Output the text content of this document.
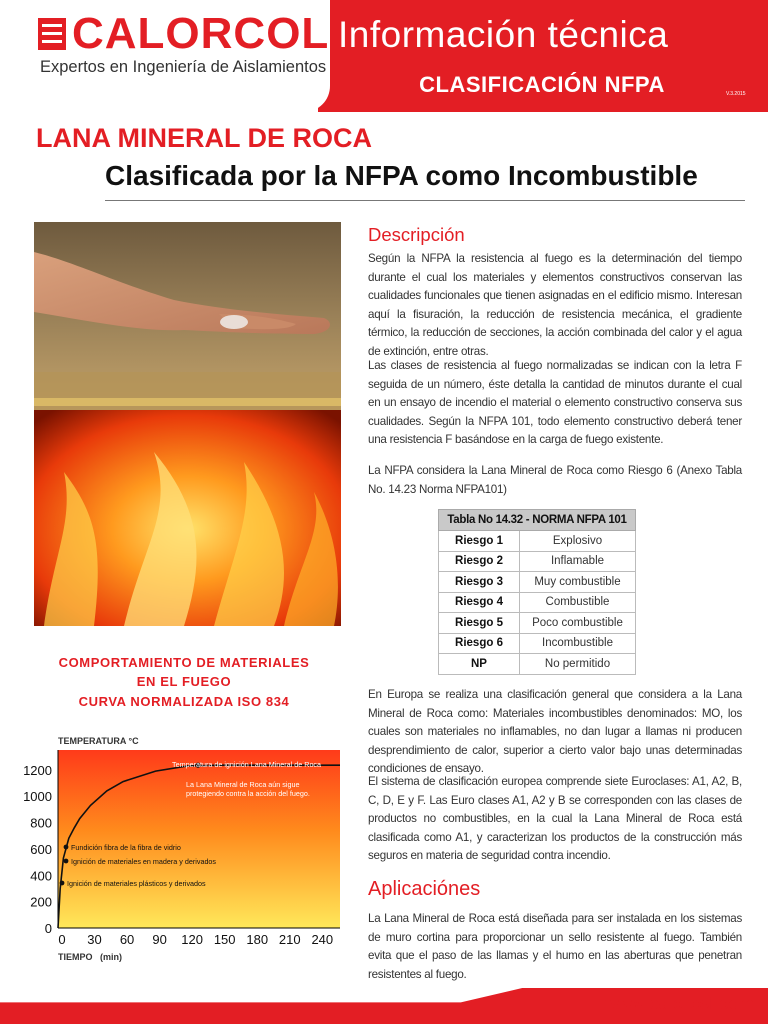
CALORCOL
Expertos en Ingeniería de Aislamientos
Información técnica
CLASIFICACIÓN NFPA	V.3.2015
LANA MINERAL DE ROCA
Clasificada por la NFPA como Incombustible
Descripción
Según la NFPA la resistencia al fuego es la determinación del tiempo durante el cual los materiales y elementos constructivos conservan las cualidades funcionales que tienen asignadas en el edificio mismo. Interesan aquí la fisuración, la reducción de resistencia mecánica, el gradiente térmico, la reducción de secciones, la acción combinada del calor y el agua de extinción, entre otras.
Las clases de resistencia al fuego normalizadas se indican con la letra F seguida de un número, éste detalla la cantidad de minutos durante el cual en un ensayo de incendio el material o elemento constructivo conserva sus cualidades. Según la NFPA 101, todo elemento constructivo deberá tener una resistencia F basándose en la carga de fuego existente.
La NFPA considera la Lana Mineral de Roca como Riesgo 6 (Anexo Tabla No. 14.23 Norma NFPA101)
Tabla No 14.32 - NORMA NFPA 101	
Riesgo 1	Explosivo
Riesgo 2	Inflamable
Riesgo 3	Muy combustible
Riesgo 4	Combustible
Riesgo 5	Poco combustible
Riesgo 6	Incombustible
NP	No permitido
En Europa se realiza una clasificación general que considera a la Lana Mineral de Roca como: Materiales incombustibles denominados: MO, los cuales son materiales no inflamables, no dan lugar a llamas ni producen desprendimiento de calor, superior a cierto valor bajo unas determinadas condiciones de ensayo.
El sistema de clasificación europea comprende siete Euroclases: A1, A2, B, C, D, E y F. Las Euro clases A1, A2 y B se corresponden con las clases de productos no combustibles, en la cual la Lana Mineral de Roca está clasificada como A1, y caracterizan los productos de la construcción más seguros en materia de seguridad contra incendio.
Aplicaciónes
La Lana Mineral de Roca está diseñada para ser instalada en los sistemas de muro cortina para proporcionar un sello resistente al fuego. También evita que el paso de las llamas y el humo en las aberturas que penetran resistentes al fuego.
COMPORTAMIENTO DE MATERIALES
EN EL FUEGO
CURVA NORMALIZADA ISO 834
TEMPERATURA °C
0
200
400
600
800
1000
1200
0 30 60 90 120 150 180 210 240
TIEMPO (min)
Temperatura de ignición Lana Mineral de Roca
La Lana Mineral de Roca aún sigue
protegiendo contra la acción del fuego.
Fundición fibra de la fibra de vidrio
Ignición de materiales en madera y derivados
Ignición de materiales plásticos y derivados
www.calorcol.com
